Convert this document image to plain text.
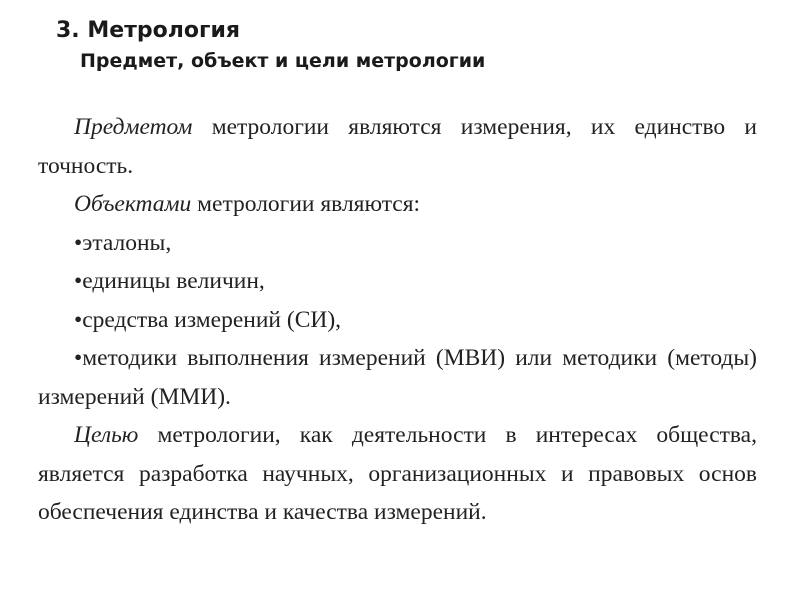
3. Метрология
Предмет, объект и цели метрологии

Предметом метрологии являются измерения, их единство и точность.

Объектами метрологии являются:

•эталоны,

•единицы величин,

•средства измерений (СИ),

•методики выполнения измерений (МВИ) или методики (методы) измерений (ММИ).

Целью метрологии, как деятельности в интересах общества, является разработка научных, организационных и правовых основ обеспечения единства и качества измерений.
